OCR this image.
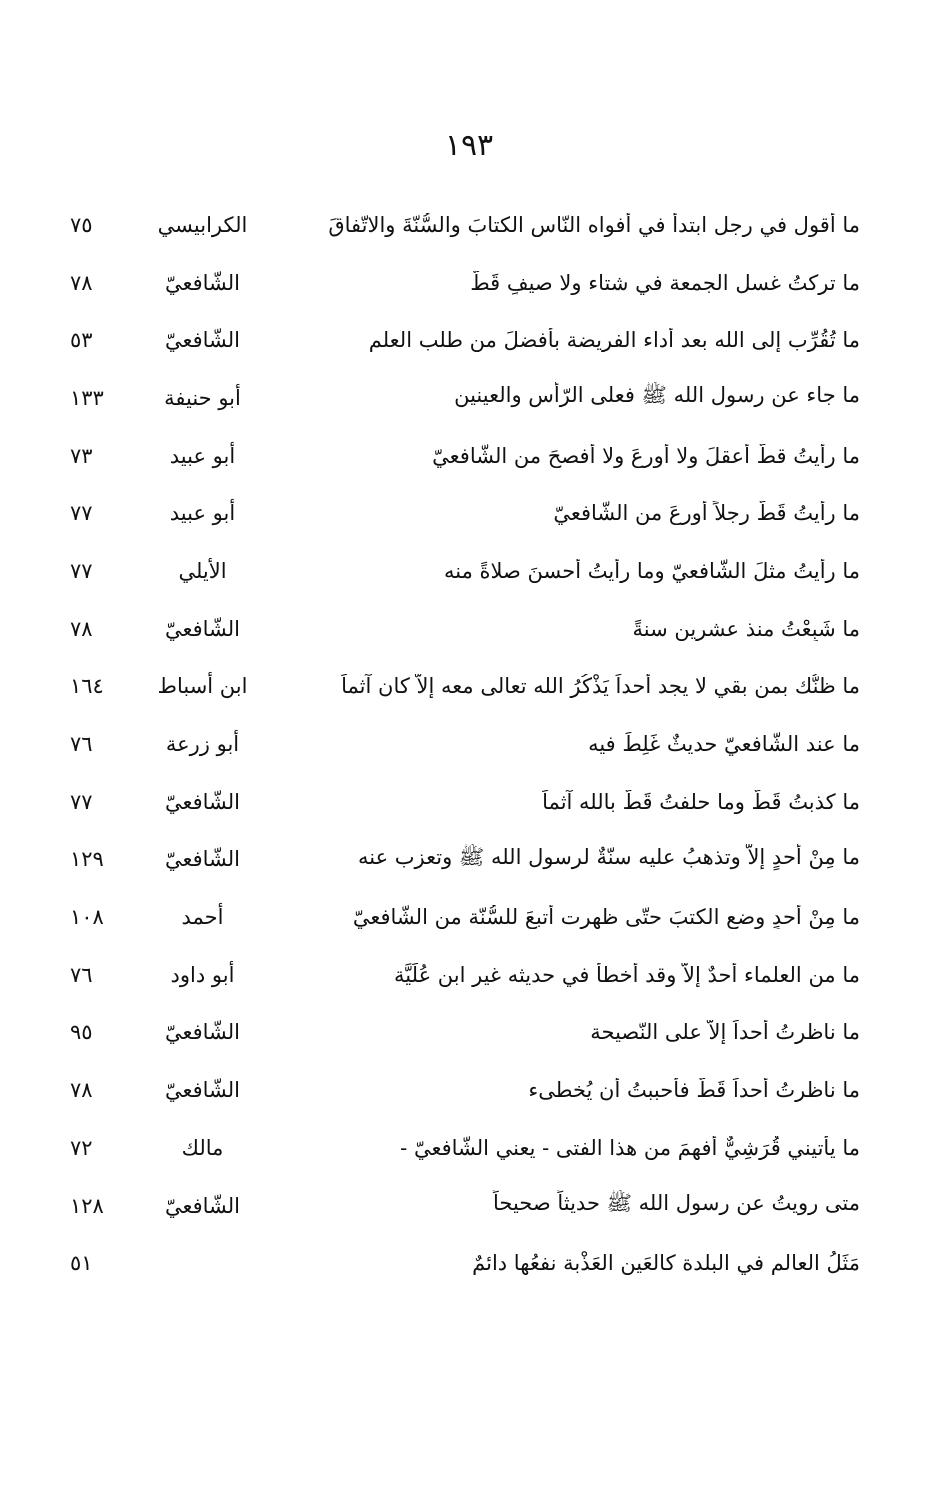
١٩٣
ما أقول في رجل ابتدأ في أفواه النّاس الكتابَ والسُّنّةَ والاتّفاقَ
الكرابيسي
٧٥
ما تركتُ غسل الجمعة في شتاء ولا صيفٍ قَطُّ
الشّافعيّ
٧٨
ما تُقُرِّب إلى الله بعد أداء الفريضة بأفضلَ من طلب العلم
الشّافعيّ
٥٣
ما جاء عن رسول الله ﷺ فعلى الرّأس والعينين
أبو حنيفة
١٣٣
ما رأيتُ قطُّ أعقلَ ولا أورعَ ولا أفصحَ من الشّافعيّ
أبو عبيد
٧٣
ما رأيتُ قَطُّ رجلاً أورعَ من الشّافعيّ
أبو عبيد
٧٧
ما رأيتُ مثلَ الشّافعيّ وما رأيتُ أحسنَ صلاةً منه
الأيلي
٧٧
ما شَبِعْتُ منذ عشرين سنةً
الشّافعيّ
٧٨
ما ظنُّك بمن بقي لا يجد أحداً يَذْكُرُ الله تعالى معه إلاّ كان آثماً
ابن أسباط
١٦٤
ما عند الشّافعيّ حديثٌ غَلِطَ فيه
أبو زرعة
٧٦
ما كذبتُ قَطُّ وما حلفتُ قَطُّ بالله آثماً
الشّافعيّ
٧٧
ما مِنْ أحدٍ إلاّ وتذهبُ عليه سنّةٌ لرسول الله ﷺ وتعزب عنه
الشّافعيّ
١٢٩
ما مِنْ أحدٍ وضع الكتبَ حتّى ظهرت أتبعَ للسُّنّة من الشّافعيّ
أحمد
١٠٨
ما من العلماء أحدٌ إلاّ وقد أخطأ في حديثه غير ابن عُلَيَّة
أبو داود
٧٦
ما ناظرتُ أحداً إلاّ على النّصيحة
الشّافعيّ
٩٥
ما ناظرتُ أحداً قَطُّ فأحببتُ أن يُخطىء
الشّافعيّ
٧٨
ما يأتيني قُرَشِيٌّ أفهمَ من هذا الفتى - يعني الشّافعيّ -
مالك
٧٢
متى رويتُ عن رسول الله ﷺ حديثاً صحيحاً
الشّافعيّ
١٢٨
مَثَلُ العالم في البلدة كالعَين العَذْبة نفعُها دائمٌ
٥١
